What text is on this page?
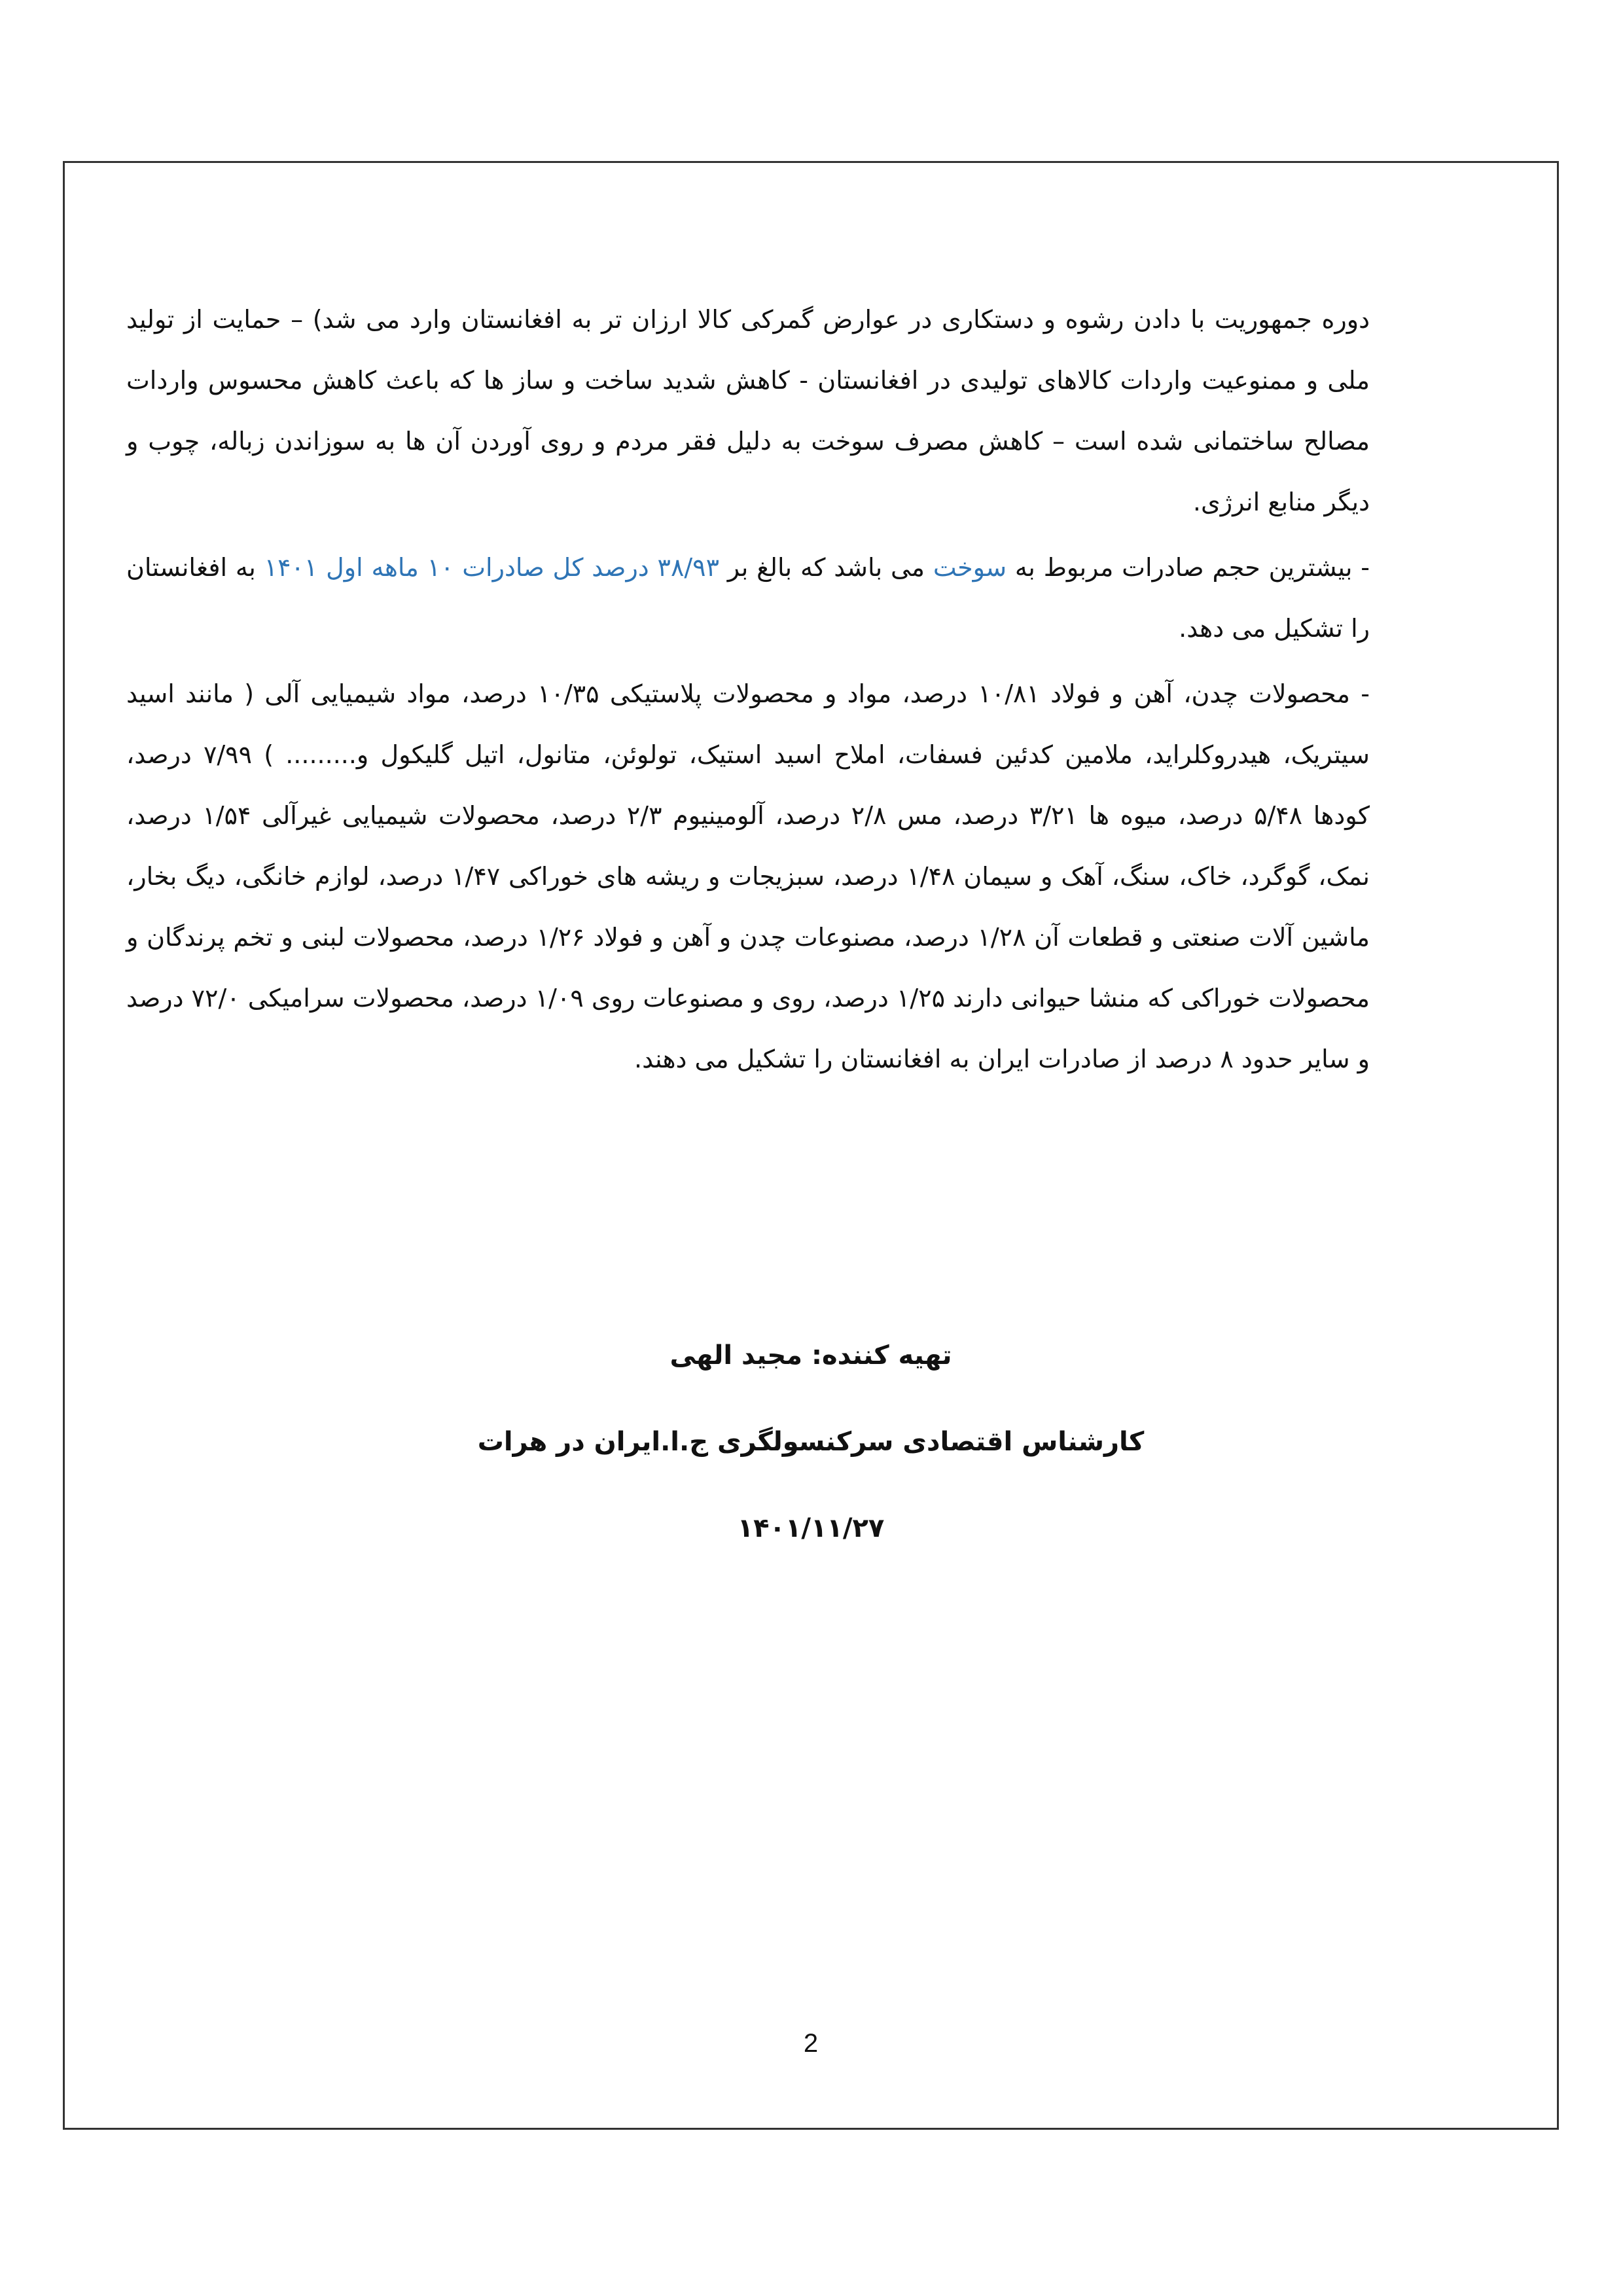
دوره جمهوریت با دادن رشوه و دستکاری در عوارض گمرکی کالا ارزان تر به افغانستان وارد می شد) – حمایت از تولید ملی و ممنوعیت واردات کالاهای تولیدی در افغانستان - کاهش شدید ساخت و ساز ها که باعث کاهش محسوس واردات مصالح ساختمانی شده است – کاهش مصرف سوخت به دلیل فقر مردم و روی آوردن آن ها به سوزاندن زباله، چوب و دیگر منابع انرژی.

- بیشترین حجم صادرات مربوط به سوخت می باشد که بالغ بر ۳۸/۹۳ درصد کل صادرات ۱۰ ماهه اول ۱۴۰۱ به افغانستان را تشکیل می دهد.

- محصولات چدن، آهن و فولاد ۱۰/۸۱ درصد، مواد و محصولات پلاستیکی ۱۰/۳۵ درصد، مواد شیمیایی آلی ( مانند اسید سیتریک، هیدروکلراید، ملامین کدئین فسفات، املاح اسید استیک، تولوئن، متانول، اتیل گلیکول و......... ) ۷/۹۹ درصد، کودها ۵/۴۸ درصد، میوه ها ۳/۲۱ درصد، مس ۲/۸ درصد، آلومینیوم ۲/۳ درصد، محصولات شیمیایی غیرآلی ۱/۵۴ درصد، نمک، گوگرد، خاک، سنگ، آهک و سیمان ۱/۴۸ درصد، سبزیجات و ریشه های خوراکی ۱/۴۷ درصد، لوازم خانگی، دیگ بخار، ماشین آلات صنعتی و قطعات آن ۱/۲۸ درصد، مصنوعات چدن و آهن و فولاد ۱/۲۶ درصد، محصولات لبنی و تخم پرندگان و محصولات خوراکی که منشا حیوانی دارند ۱/۲۵ درصد، روی و مصنوعات روی ۱/۰۹ درصد، محصولات سرامیکی ۷۲/۰ درصد و سایر حدود ۸ درصد از صادرات ایران به افغانستان را تشکیل می دهند.

تهیه کننده: مجید الهی
کارشناس اقتصادی سرکنسولگری ج.ا.ایران در هرات
۱۴۰۱/۱۱/۲۷
2
